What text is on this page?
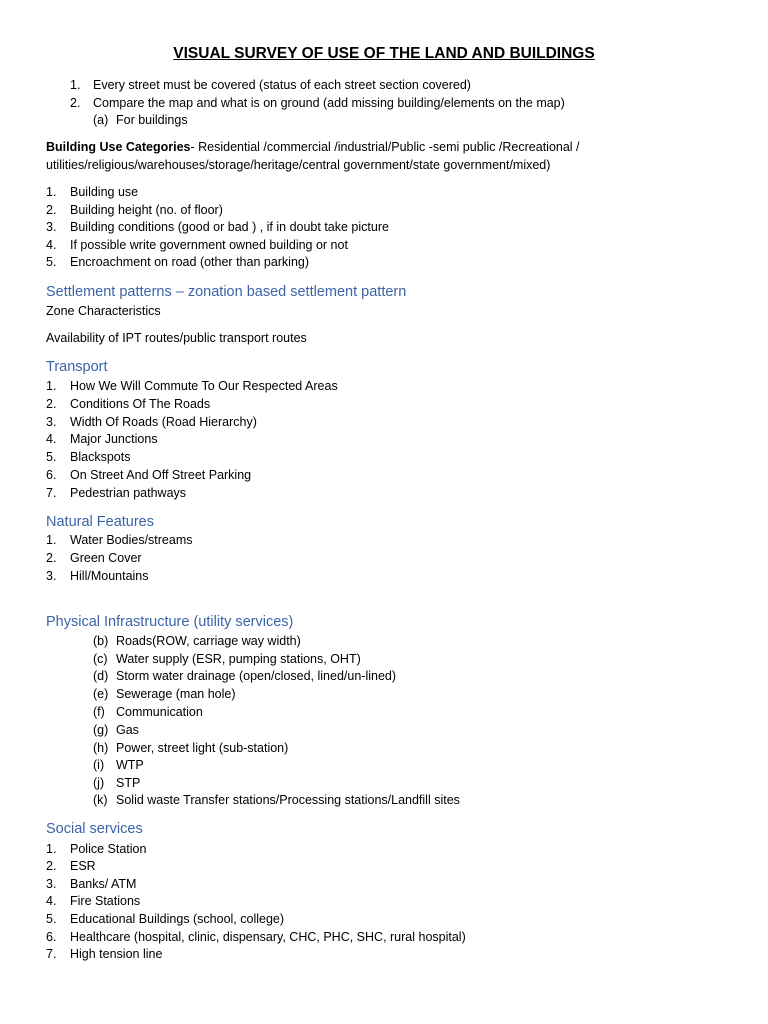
VISUAL SURVEY OF USE OF THE LAND AND BUILDINGS
1. Every street must be covered (status of each street section covered)
2. Compare the map and what is on ground (add missing building/elements on the map)
(a) For buildings
Building Use Categories- Residential /commercial /industrial/Public -semi public /Recreational /
utilities/religious/warehouses/storage/heritage/central government/state government/mixed)
1. Building use
2. Building height (no. of floor)
3. Building conditions (good or bad ) , if in doubt take picture
4. If possible write government owned building or not
5. Encroachment on road (other than parking)
Settlement patterns – zonation based settlement pattern
Zone Characteristics
Availability of IPT routes/public transport routes
Transport
1. How We Will Commute To Our Respected Areas
2. Conditions Of The Roads
3. Width Of Roads (Road Hierarchy)
4. Major Junctions
5. Blackspots
6. On Street And Off Street Parking
7. Pedestrian pathways
Natural Features
1. Water Bodies/streams
2. Green Cover
3. Hill/Mountains
Physical Infrastructure (utility services)
(b) Roads(ROW, carriage way width)
(c) Water supply (ESR, pumping stations, OHT)
(d) Storm water drainage (open/closed, lined/un-lined)
(e) Sewerage (man hole)
(f) Communication
(g) Gas
(h) Power, street light (sub-station)
(i) WTP
(j) STP
(k) Solid waste Transfer stations/Processing stations/Landfill sites
Social services
1. Police Station
2. ESR
3. Banks/ ATM
4. Fire Stations
5. Educational Buildings (school, college)
6. Healthcare (hospital, clinic, dispensary, CHC, PHC, SHC, rural hospital)
7. High tension line
